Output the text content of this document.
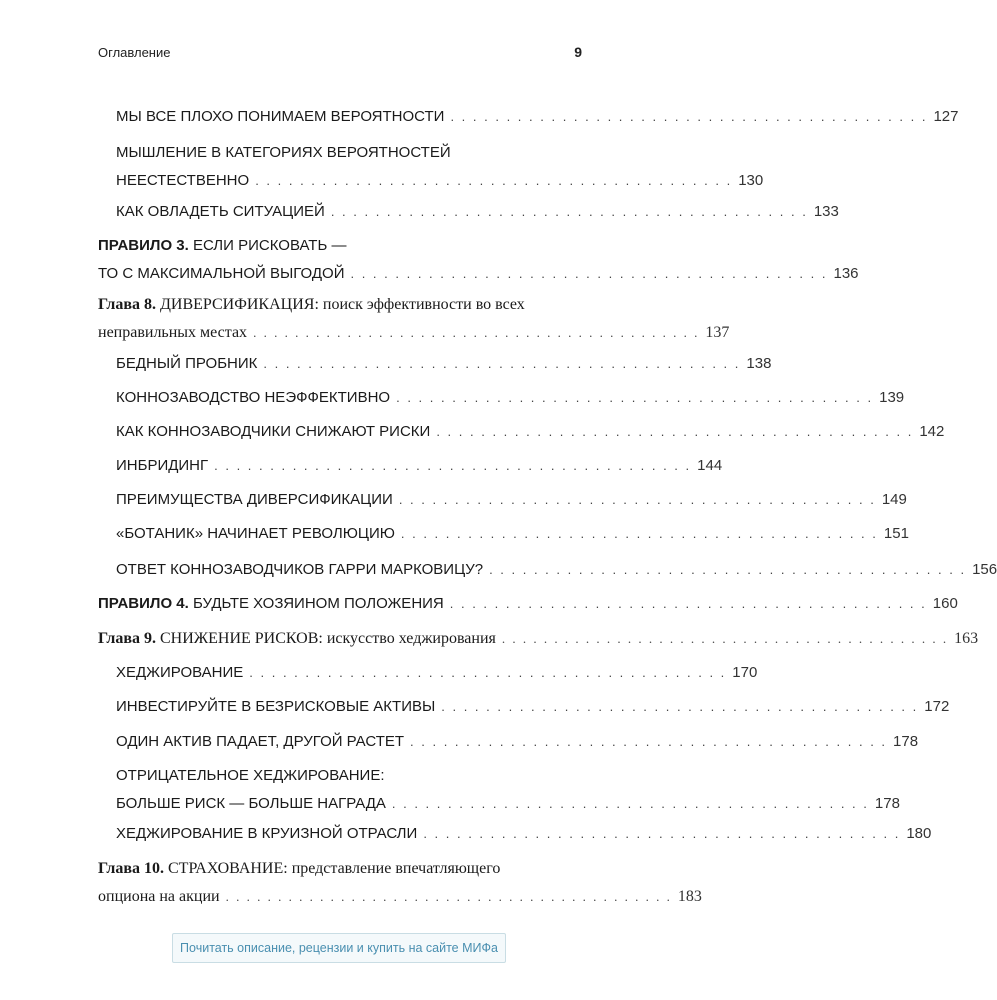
Оглавление	9
МЫ ВСЕ ПЛОХО ПОНИМАЕМ ВЕРОЯТНОСТИ . . . . . . . . . . . . . . . . . . . . . . . . . . . . . . . . . . . . . . . . . . . 127
МЫШЛЕНИЕ В КАТЕГОРИЯХ ВЕРОЯТНОСТЕЙ
НЕЕСТЕСТВЕННО . . . . . . . . . . . . . . . . . . . . . . . . . . . . . . . . . . . . . . . . . . . 130
КАК ОВЛАДЕТЬ СИТУАЦИЕЙ . . . . . . . . . . . . . . . . . . . . . . . . . . . . . . . . . . . . . . . . . . . 133
ПРАВИЛО 3. ЕСЛИ РИСКОВАТЬ —
ТО С МАКСИМАЛЬНОЙ ВЫГОДОЙ . . . . . . . . . . . . . . . . . . . . . . . . . . . . . . . . . . . . . . . . . . . 136
Глава 8. ДИВЕРСИФИКАЦИЯ: поиск эффективности во всех
неправильных местах . . . . . . . . . . . . . . . . . . . . . . . . . . . . . . . . . . . . . . . . . . . 137
БЕДНЫЙ ПРОБНИК . . . . . . . . . . . . . . . . . . . . . . . . . . . . . . . . . . . . . . . . . . . 138
КОННОЗАВОДСТВО НЕЭФФЕКТИВНО . . . . . . . . . . . . . . . . . . . . . . . . . . . . . . . . . . . . . . . . . . . 139
КАК КОННОЗАВОДЧИКИ СНИЖАЮТ РИСКИ . . . . . . . . . . . . . . . . . . . . . . . . . . . . . . . . . . . . . . . . . . . 142
ИНБРИДИНГ . . . . . . . . . . . . . . . . . . . . . . . . . . . . . . . . . . . . . . . . . . . 144
ПРЕИМУЩЕСТВА ДИВЕРСИФИКАЦИИ . . . . . . . . . . . . . . . . . . . . . . . . . . . . . . . . . . . . . . . . . . . 149
«БОТАНИК» НАЧИНАЕТ РЕВОЛЮЦИЮ . . . . . . . . . . . . . . . . . . . . . . . . . . . . . . . . . . . . . . . . . . . 151
ОТВЕТ КОННОЗАВОДЧИКОВ ГАРРИ МАРКОВИЦУ? . . . . . . . . . . . . . . . . . . . . . . . . . . . . . . . . . . . . . . . . . . . 156
ПРАВИЛО 4. БУДЬТЕ ХОЗЯИНОМ ПОЛОЖЕНИЯ . . . . . . . . . . . . . . . . . . . . . . . . . . . . . . . . . . . . . . . . . . . 160
Глава 9. СНИЖЕНИЕ РИСКОВ: искусство хеджирования . . . . . . . . . . . . . . . . . . . . . . . . . . . . . . . . . . . . . . . . . . . 163
ХЕДЖИРОВАНИЕ . . . . . . . . . . . . . . . . . . . . . . . . . . . . . . . . . . . . . . . . . . . 170
ИНВЕСТИРУЙТЕ В БЕЗРИСКОВЫЕ АКТИВЫ . . . . . . . . . . . . . . . . . . . . . . . . . . . . . . . . . . . . . . . . . . . 172
ОДИН АКТИВ ПАДАЕТ, ДРУГОЙ РАСТЕТ . . . . . . . . . . . . . . . . . . . . . . . . . . . . . . . . . . . . . . . . . . . 178
ОТРИЦАТЕЛЬНОЕ ХЕДЖИРОВАНИЕ:
БОЛЬШЕ РИСК — БОЛЬШЕ НАГРАДА . . . . . . . . . . . . . . . . . . . . . . . . . . . . . . . . . . . . . . . . . . . 178
ХЕДЖИРОВАНИЕ В КРУИЗНОЙ ОТРАСЛИ . . . . . . . . . . . . . . . . . . . . . . . . . . . . . . . . . . . . . . . . . . . 180
Глава 10. СТРАХОВАНИЕ: представление впечатляющего
опциона на акции . . . . . . . . . . . . . . . . . . . . . . . . . . . . . . . . . . . . . . . . . . . 183
Почитать описание, рецензии и купить на сайте МИФа
